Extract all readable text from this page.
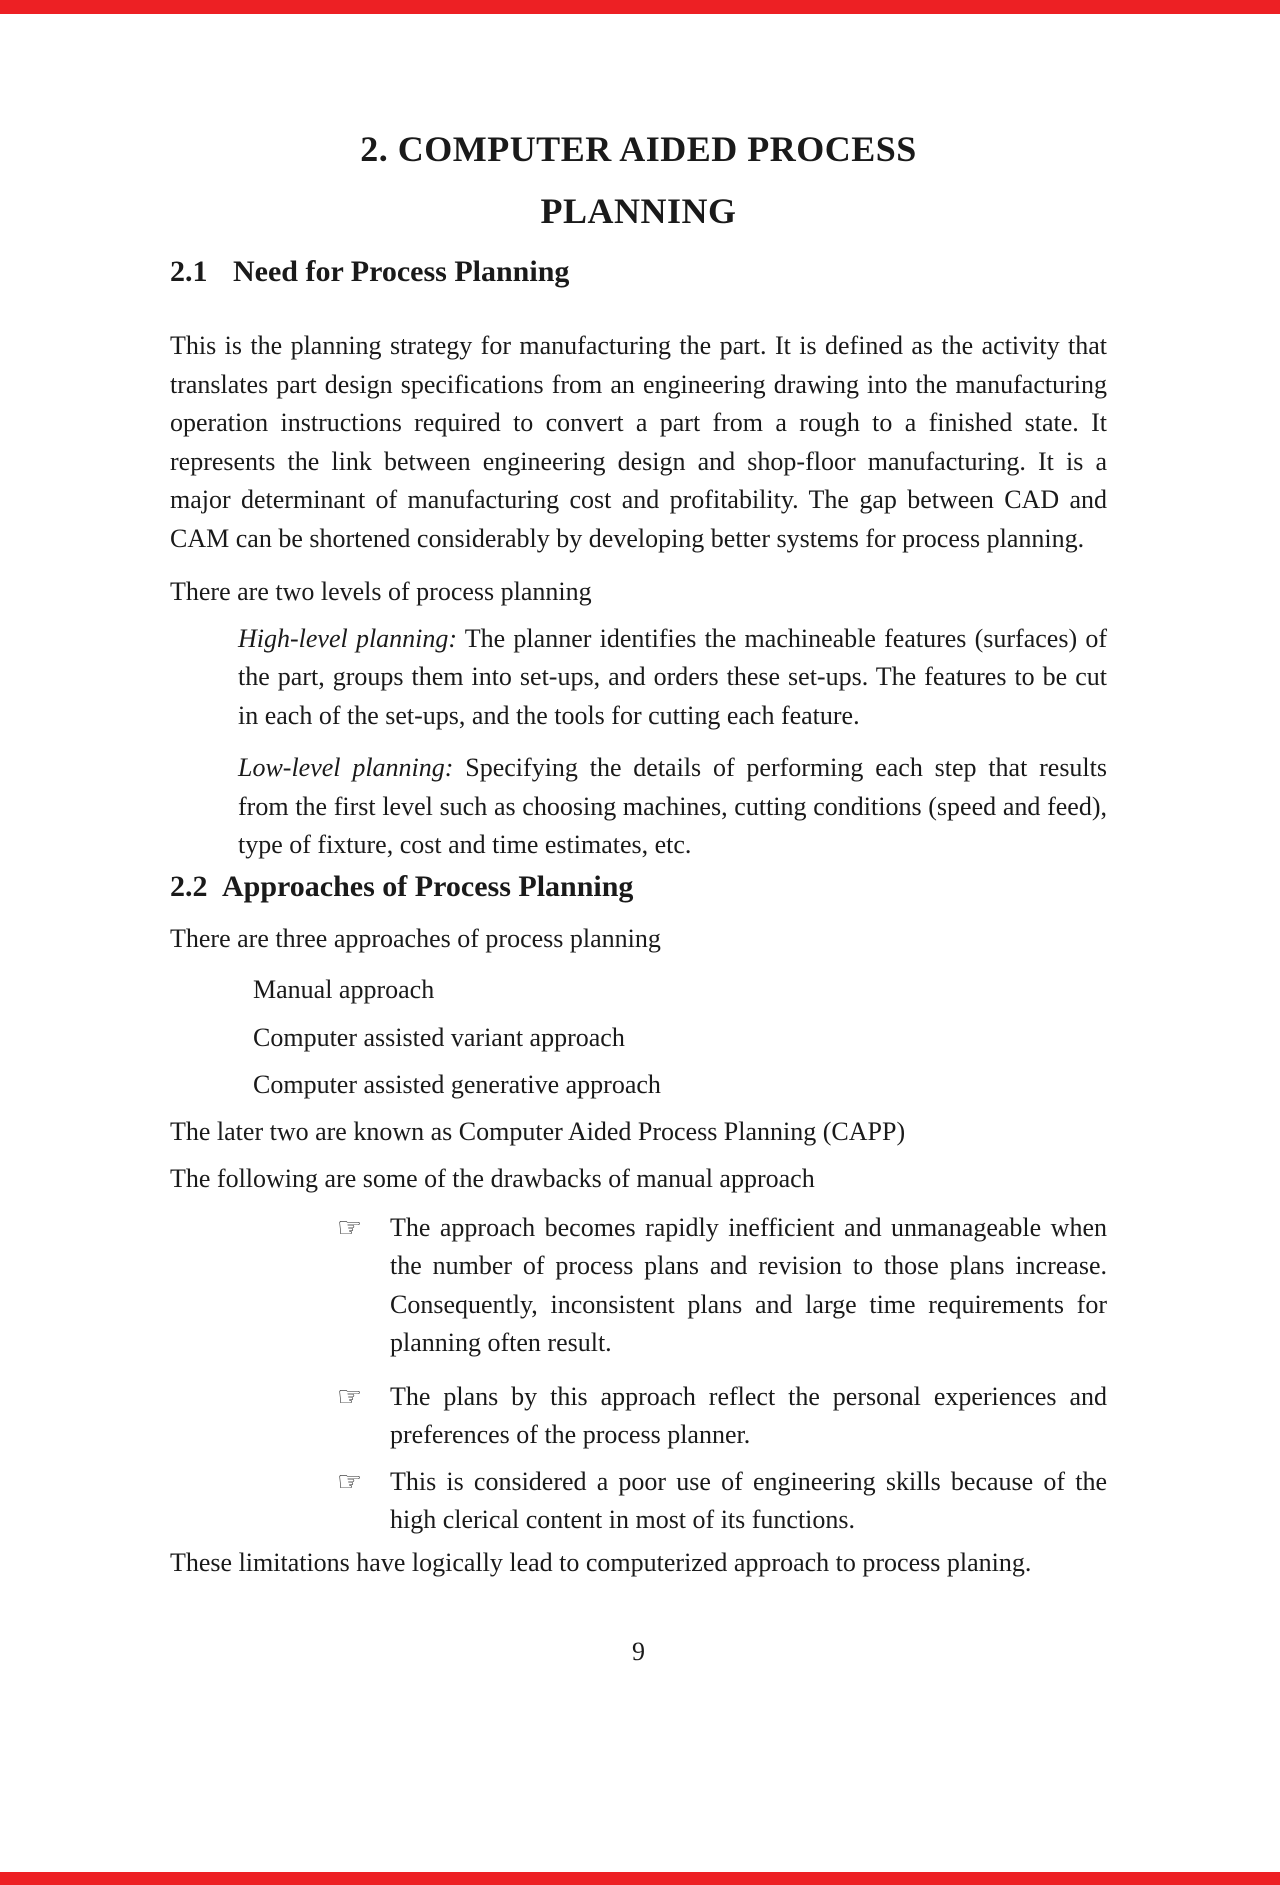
2. COMPUTER AIDED PROCESS
PLANNING
2.1 Need for Process Planning

This is the planning strategy for manufacturing the part. It is defined as the activity that translates part design specifications from an engineering drawing into the manufacturing operation instructions required to convert a part from a rough to a finished state. It represents the link between engineering design and shop-floor manufacturing. It is a major determinant of manufacturing cost and profitability. The gap between CAD and CAM can be shortened considerably by developing better systems for process planning.

There are two levels of process planning

High-level planning: The planner identifies the machineable features (surfaces) of the part, groups them into set-ups, and orders these set-ups. The features to be cut in each of the set-ups, and the tools for cutting each feature.

Low-level planning: Specifying the details of performing each step that results from the first level such as choosing machines, cutting conditions (speed and feed), type of fixture, cost and time estimates, etc.

2.2 Approaches of Process Planning

There are three approaches of process planning

Manual approach
Computer assisted variant approach
Computer assisted generative approach

The later two are known as Computer Aided Process Planning (CAPP)

The following are some of the drawbacks of manual approach

☞	The approach becomes rapidly inefficient and unmanageable when the number of process plans and revision to those plans increase. Consequently, inconsistent plans and large time requirements for planning often result.

☞	The plans by this approach reflect the personal experiences and preferences of the process planner.

☞	This is considered a poor use of engineering skills because of the high clerical content in most of its functions.

These limitations have logically lead to computerized approach to process planing.

9
